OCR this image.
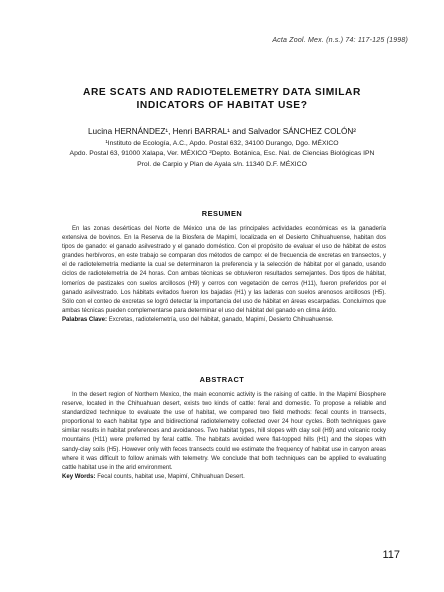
Acta Zool. Mex. (n.s.) 74: 117-125 (1998)
ARE SCATS AND RADIOTELEMETRY DATA SIMILAR
INDICATORS OF HABITAT USE?
Lucina HERNÁNDEZ¹, Henri BARRAL¹ and Salvador SÁNCHEZ COLÓN²
¹Instituto de Ecología, A.C., Apdo. Postal 632, 34100 Durango, Dgo. MÉXICO
Apdo. Postal 63, 91000 Xalapa, Ver. MÉXICO ²Depto. Botánica, Esc. Nal. de Ciencias Biológicas IPN
Prol. de Carpio y Plan de Ayala s/n. 11340 D.F. MÉXICO
RESUMEN

En las zonas desérticas del Norte de México una de las principales actividades económicas es la ganadería extensiva de bovinos. En la Reserva de la Biosfera de Mapimí, localizada en el Desierto Chihuahuense, habitan dos tipos de ganado: el ganado asilvestrado y el ganado doméstico. Con el propósito de evaluar el uso de hábitat de estos grandes herbívoros, en este trabajo se comparan dos métodos de campo: el de frecuencia de excretas en transectos, y el de radiotelemetría mediante la cual se determinaron la preferencia y la selección de hábitat por el ganado, usando ciclos de radiotelemetría de 24 horas. Con ambas técnicas se obtuvieron resultados semejantes. Dos tipos de hábitat, lomeríos de pastizales con suelos arcillosos (H9) y cerros con vegetación de cerros (H11), fueron preferidos por el ganado asilvestrado. Los hábitats evitados fueron los bajadas (H1) y las laderas con suelos arenosos arcillosos (H5). Sólo con el conteo de excretas se logró detectar la importancia del uso de hábitat en áreas escarpadas. Concluimos que ambas técnicas pueden complementarse para determinar el uso del hábitat del ganado en clima árido.

Palabras Clave: Excretas, radiotelemetría, uso del hábitat, ganado, Mapimí, Desierto Chihuahuense.
ABSTRACT

In the desert region of Northern Mexico, the main economic activity is the raising of cattle. In the Mapimí Biosphere reserve, located in the Chihuahuan desert, exists two kinds of cattle: feral and domestic. To propose a reliable and standardized technique to evaluate the use of habitat, we compared two field methods: fecal counts in transects, proportional to each habitat type and bidirectional radiotelemetry collected over 24 hour cycles. Both techniques gave similar results in habitat preferences and avoidances. Two habitat types, hill slopes with clay soil (H9) and volcanic rocky mountains (H11) were preferred by feral cattle. The habitats avoided were flat-topped hills (H1) and the slopes with sandy-clay soils (H5). However only with feces transects could we estimate the frequency of habitat use in canyon areas where it was difficult to follow animals with telemetry. We conclude that both techniques can be applied to evaluating cattle habitat use in the arid environment.

Key Words: Fecal counts, habitat use, Mapimí, Chihuahuan Desert.
117
